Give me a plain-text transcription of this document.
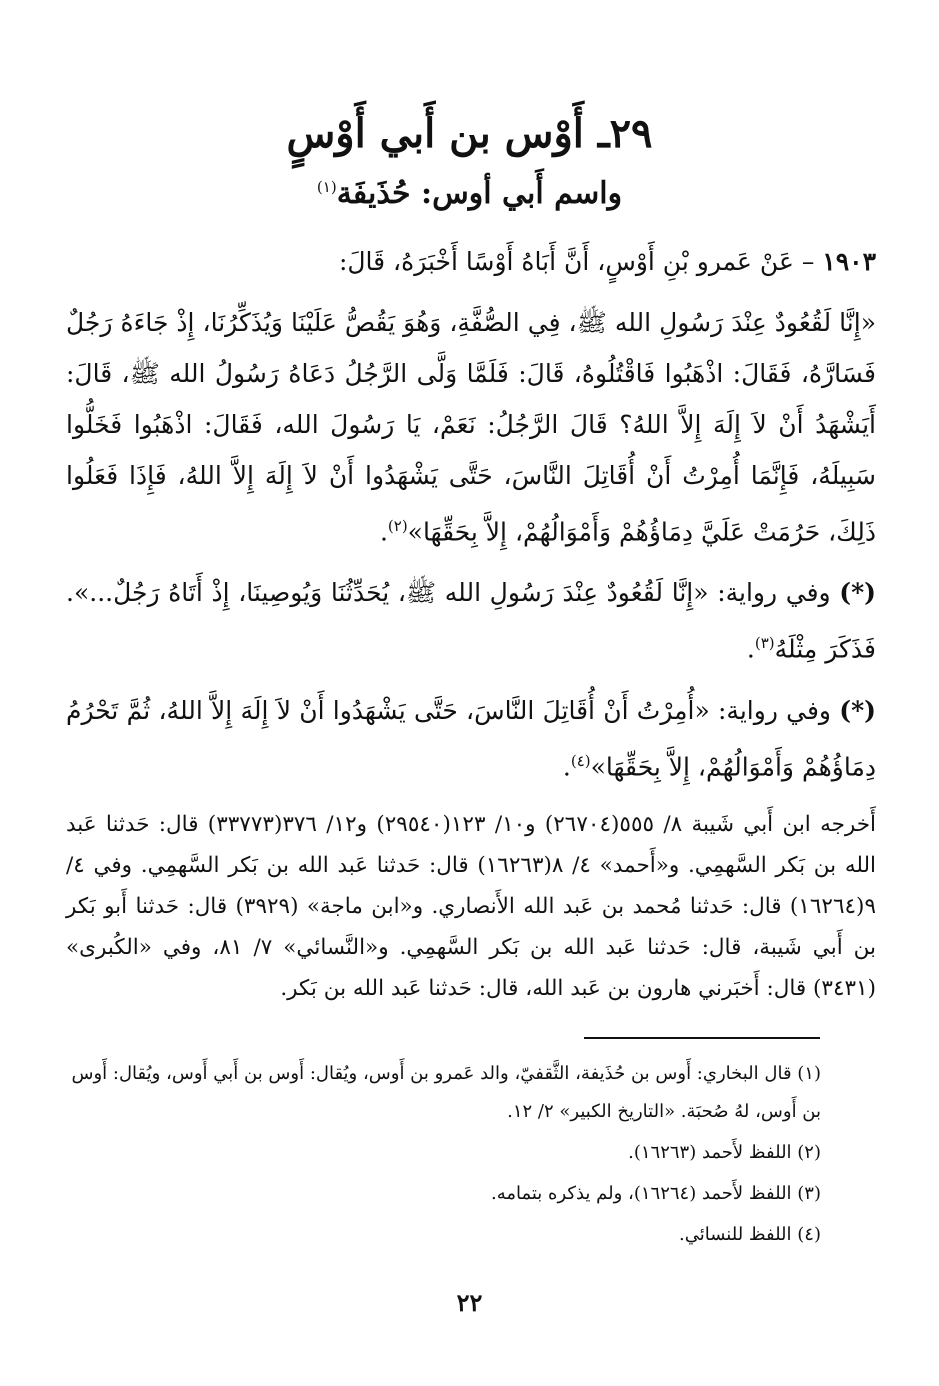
٢٩ـ أَوْس بن أَبي أَوْسٍ
واسم أَبي أوس: حُذَيفَة$^{(١)}$

١٩٠٣ – عَنْ عَمرو بْنِ أَوْسٍ، أَنَّ أَبَاهُ أَوْسًا أَخْبَرَهُ، قَالَ:

«إِنَّا لَقُعُودٌ عِنْدَ رَسُولِ الله ﷺ، فِي الصُّفَّةِ، وَهُوَ يَقُصُّ عَلَيْنَا وَيُذَكِّرُنَا، إِذْ جَاءَهُ رَجُلٌ فَسَارَّهُ، فَقَالَ: اذْهَبُوا فَاقْتُلُوهُ، قَالَ: فَلَمَّا وَلَّى الرَّجُلُ دَعَاهُ رَسُولُ الله ﷺ، قَالَ: أَيَشْهَدُ أَنْ لاَ إِلَهَ إِلاَّ اللهُ؟ قَالَ الرَّجُلُ: نَعَمْ، يَا رَسُولَ الله، فَقَالَ: اذْهَبُوا فَخَلُّوا سَبِيلَهُ، فَإِنَّمَا أُمِرْتُ أَنْ أُقَاتِلَ النَّاسَ، حَتَّى يَشْهَدُوا أَنْ لاَ إِلَهَ إِلاَّ اللهُ، فَإِذَا فَعَلُوا ذَلِكَ، حَرُمَتْ عَلَيَّ دِمَاؤُهُمْ وَأَمْوَالُهُمْ، إِلاَّ بِحَقِّهَا»$^{(٢)}$.

(*) وفي رواية: «إِنَّا لَقُعُودٌ عِنْدَ رَسُولِ الله ﷺ، يُحَدِّثُنَا وَيُوصِينَا، إِذْ أَتَاهُ رَجُلٌ...». فَذَكَرَ مِثْلَهُ$^{(٣)}$.

(*) وفي رواية: «أُمِرْتُ أَنْ أُقَاتِلَ النَّاسَ، حَتَّى يَشْهَدُوا أَنْ لاَ إِلَهَ إِلاَّ اللهُ، ثُمَّ تَحْرُمُ دِمَاؤُهُمْ وَأَمْوَالُهُمْ، إِلاَّ بِحَقِّهَا»$^{(٤)}$.

أَخرجه ابن أَبي شَيبة ٨/ ٥٥٥(٢٦٧٠٤) و١٠/ ١٢٣(٢٩٥٤٠) و١٢/ ٣٧٦(٣٣٧٧٣) قال: حَدثنا عَبد الله بن بَكر السَّهمِي. و«أَحمد» ٤/ ٨(١٦٢٦٣) قال: حَدثنا عَبد الله بن بَكر السَّهمِي. وفي ٤/ ٩(١٦٢٦٤) قال: حَدثنا مُحمد بن عَبد الله الأَنصاري. و«ابن ماجة» (٣٩٢٩) قال: حَدثنا أَبو بَكر بن أَبي شَيبة، قال: حَدثنا عَبد الله بن بَكر السَّهمِي. و«النَّسائي» ٧/ ٨١، وفي «الكُبرى» (٣٤٣١) قال: أَخبَرني هارون بن عَبد الله، قال: حَدثنا عَبد الله بن بَكر.

(١) قال البخاري: أَوس بن حُذَيفة، الثَّقفيّ، والد عَمرو بن أَوس، ويُقال: أَوس بن أَبي أَوس، ويُقال: أَوس بن أَوس، لهُ صُحبَة. «التاريخ الكبير» ٢/ ١٢.

(٢) اللفظ لأَحمد (١٦٢٦٣).

(٣) اللفظ لأَحمد (١٦٢٦٤)، ولم يذكره بتمامه.

(٤) اللفظ للنسائي.

٢٢
